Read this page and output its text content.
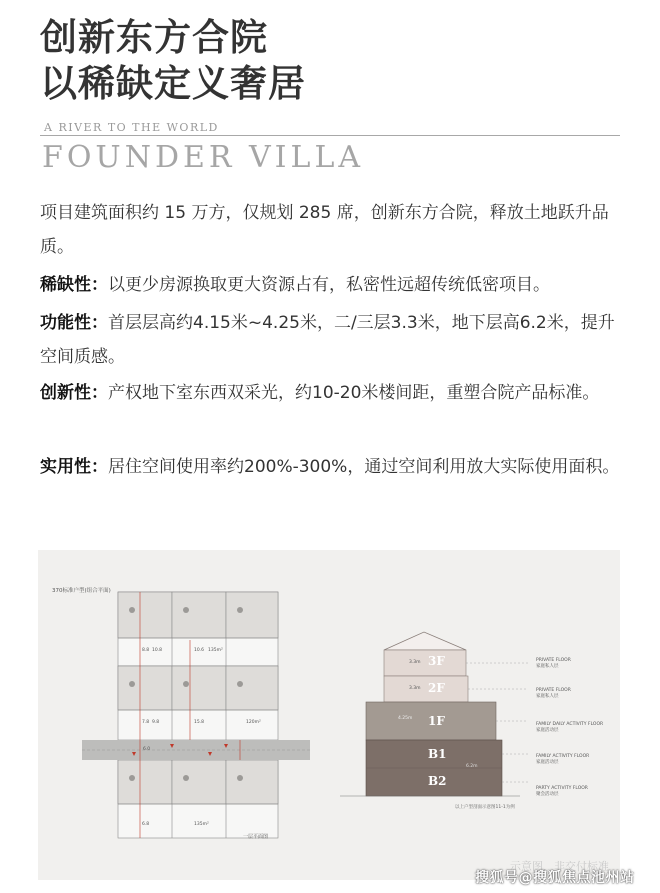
创新东方合院
以稀缺定义奢居
A RIVER TO THE WORLD
FOUNDER VILLA
项目建筑面积约 15 万方，仅规划 285 席，创新东方合院，释放土地跃升品质。
稀缺性：以更少房源换取更大资源占有，私密性远超传统低密项目。
功能性：首层层高约4.15米~4.25米，二/三层3.3米，地下层高6.2米，提升空间质感。
创新性：产权地下室东西双采光，约10-20米楼间距，重塑合院产品标准。
实用性：居住空间使用率约200%-300%，通过空间利用放大实际使用面积。
370标准户型(组合平面)
一层平面图
135m²
120m²
135m²
8.8 10.8	10.6
7.8 9.8	15.8
6.8
6.0
3F
2F
1F
B1
B2
3.3m
3.3m
4.25m
6.2m
PRIVATE FLOOR
家庭私人层
PRIVATE FLOOR
家庭私人层
FAMILY DAILY ACTIVITY FLOOR
家庭活动层
FAMILY ACTIVITY FLOOR
家庭活动层
PARTY ACTIVITY FLOOR
聚会活动层
以上户型剖面示意图11-1为例
示意图，非交付标准
搜狐号@搜狐焦点池州站
